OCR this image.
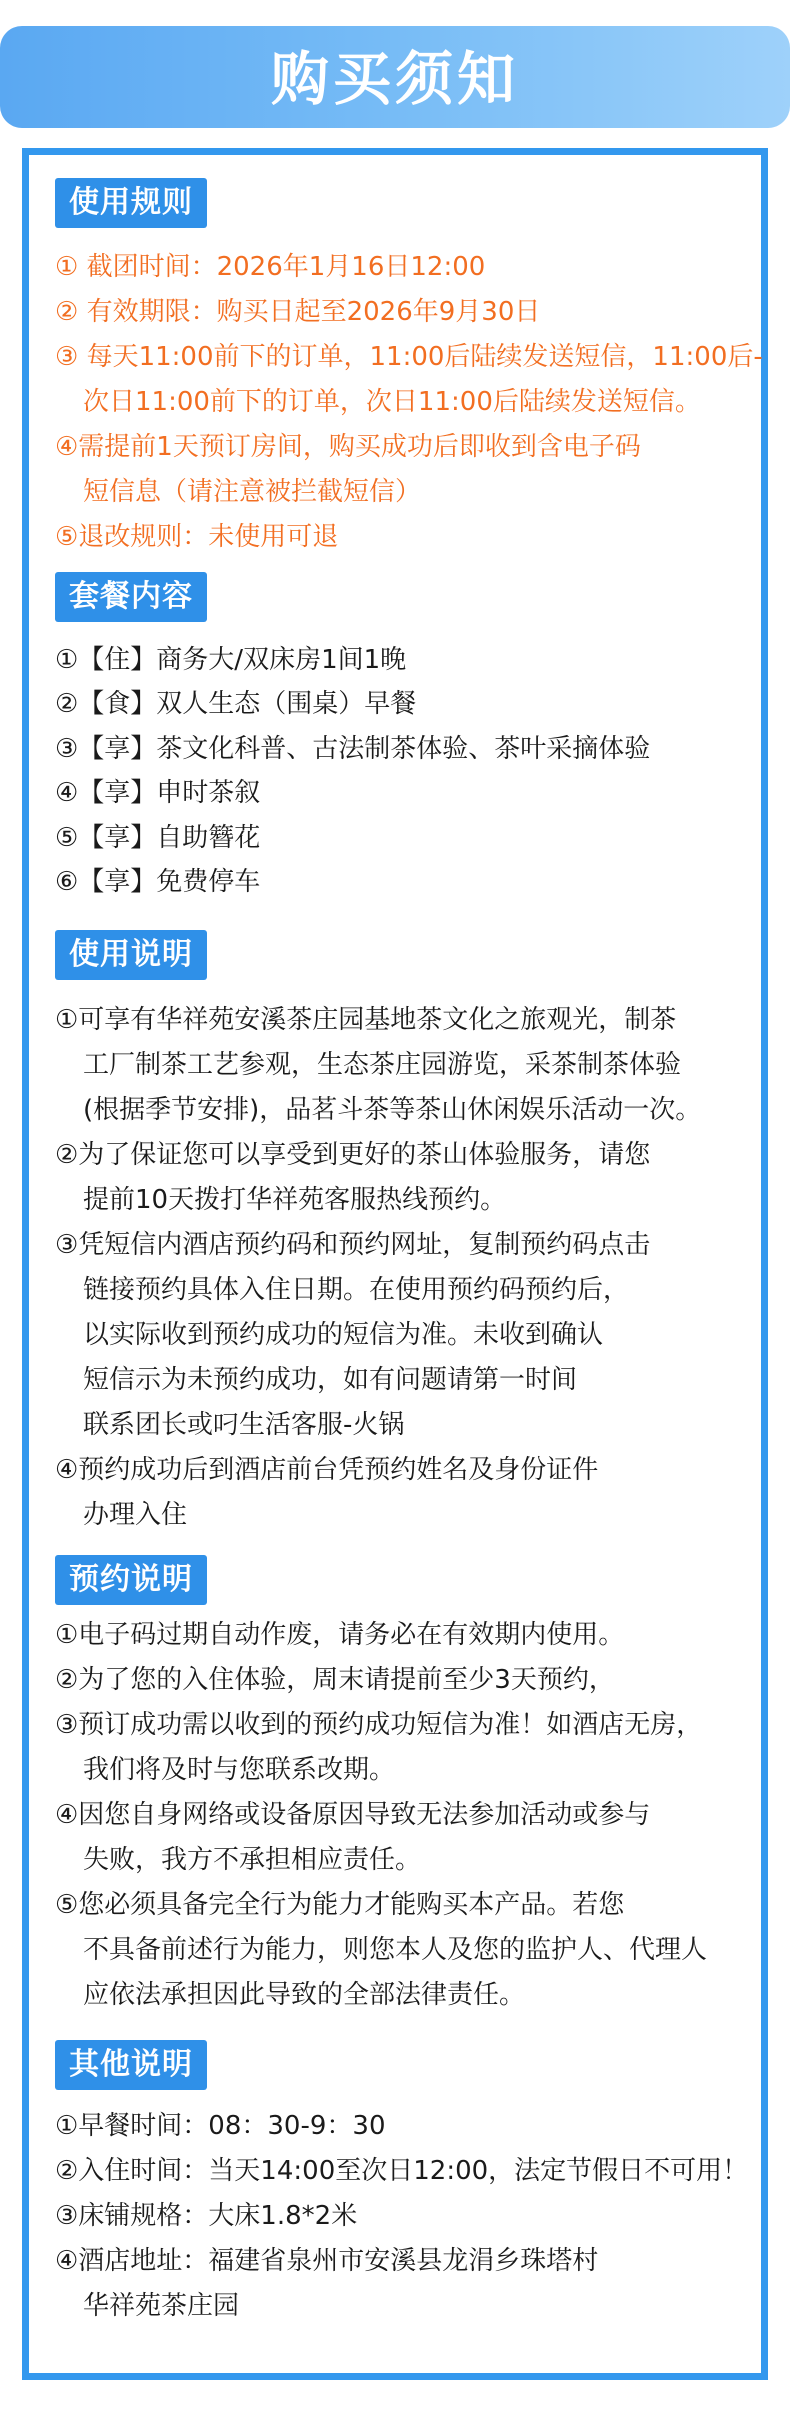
购买须知
使用规则
① 截团时间：2026年1月16日12:00
② 有效期限：购买日起至2026年9月30日
③ 每天11:00前下的订单，11:00后陆续发送短信，11:00后-
次日11:00前下的订单，次日11:00后陆续发送短信。
④需提前1天预订房间，购买成功后即收到含电子码
短信息（请注意被拦截短信）
⑤退改规则：未使用可退
套餐内容
①【住】商务大/双床房1间1晚
②【食】双人生态（围桌）早餐
③【享】茶文化科普、古法制茶体验、茶叶采摘体验
④【享】申时茶叙
⑤【享】自助簪花
⑥【享】免费停车
使用说明
①可享有华祥苑安溪茶庄园基地茶文化之旅观光，制茶
工厂制茶工艺参观，生态茶庄园游览，采茶制茶体验
(根据季节安排)，品茗斗茶等茶山休闲娱乐活动一次。
②为了保证您可以享受到更好的茶山体验服务，请您
提前10天拨打华祥苑客服热线预约。
③凭短信内酒店预约码和预约网址，复制预约码点击
链接预约具体入住日期。在使用预约码预约后，
以实际收到预约成功的短信为准。未收到确认
短信示为未预约成功，如有问题请第一时间
联系团长或叼生活客服-火锅
④预约成功后到酒店前台凭预约姓名及身份证件
办理入住
预约说明
①电子码过期自动作废，请务必在有效期内使用。
②为了您的入住体验，周末请提前至少3天预约，
③预订成功需以收到的预约成功短信为准！如酒店无房，
我们将及时与您联系改期。
④因您自身网络或设备原因导致无法参加活动或参与
失败，我方不承担相应责任。
⑤您必须具备完全行为能力才能购买本产品。若您
不具备前述行为能力，则您本人及您的监护人、代理人
应依法承担因此导致的全部法律责任。
其他说明
①早餐时间：08：30-9：30
②入住时间：当天14:00至次日12:00，法定节假日不可用！
③床铺规格：大床1.8*2米
④酒店地址：福建省泉州市安溪县龙涓乡珠塔村
华祥苑茶庄园
